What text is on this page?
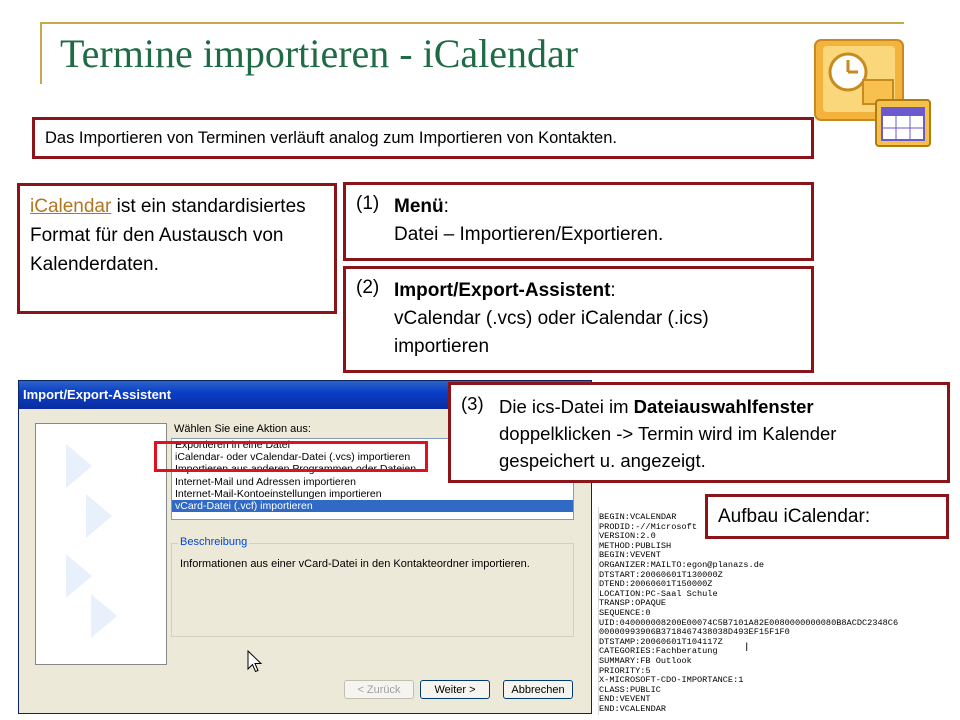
Termine importieren - iCalendar
Das Importieren von Terminen verläuft analog zum Importieren von Kontakten.
iCalendar ist ein standardisiertes Format für den Austausch von Kalenderdaten.
(1) Menü:
Datei – Importieren/Exportieren.
(2) Import/Export-Assistent:
vCalendar (.vcs) oder iCalendar (.ics) importieren
Import/Export-Assistent
Wählen Sie eine Aktion aus:
Exportieren in eine Datei
iCalendar- oder vCalendar-Datei (.vcs) importieren
Importieren aus anderen Programmen oder Dateien
Internet-Mail und Adressen importieren
Internet-Mail-Kontoeinstellungen importieren
vCard-Datei (.vcf) importieren
Beschreibung
Informationen aus einer vCard-Datei in den Kontakteordner importieren.
< Zurück	Weiter >	Abbrechen
(3) Die ics-Datei im Dateiauswahlfenster doppelklicken -> Termin wird im Kalender gespeichert u. angezeigt.
BEGIN:VCALENDAR
PRODID:-//Microsoft
VERSION:2.0
METHOD:PUBLISH
BEGIN:VEVENT
ORGANIZER:MAILTO:egon@planazs.de
DTSTART:20060601T130000Z
DTEND:20060601T150000Z
LOCATION:PC-Saal Schule
TRANSP:OPAQUE
SEQUENCE:0
UID:040000008200E00074C5B7101A82E0080000000080B8ACDC2348C6
00000993906B3718467438038D493EF15F1F0
DTSTAMP:20060601T104117Z
CATEGORIES:Fachberatung
SUMMARY:FB Outlook
PRIORITY:5
X-MICROSOFT-CDO-IMPORTANCE:1
CLASS:PUBLIC
END:VEVENT
END:VCALENDAR
I
Aufbau iCalendar:
